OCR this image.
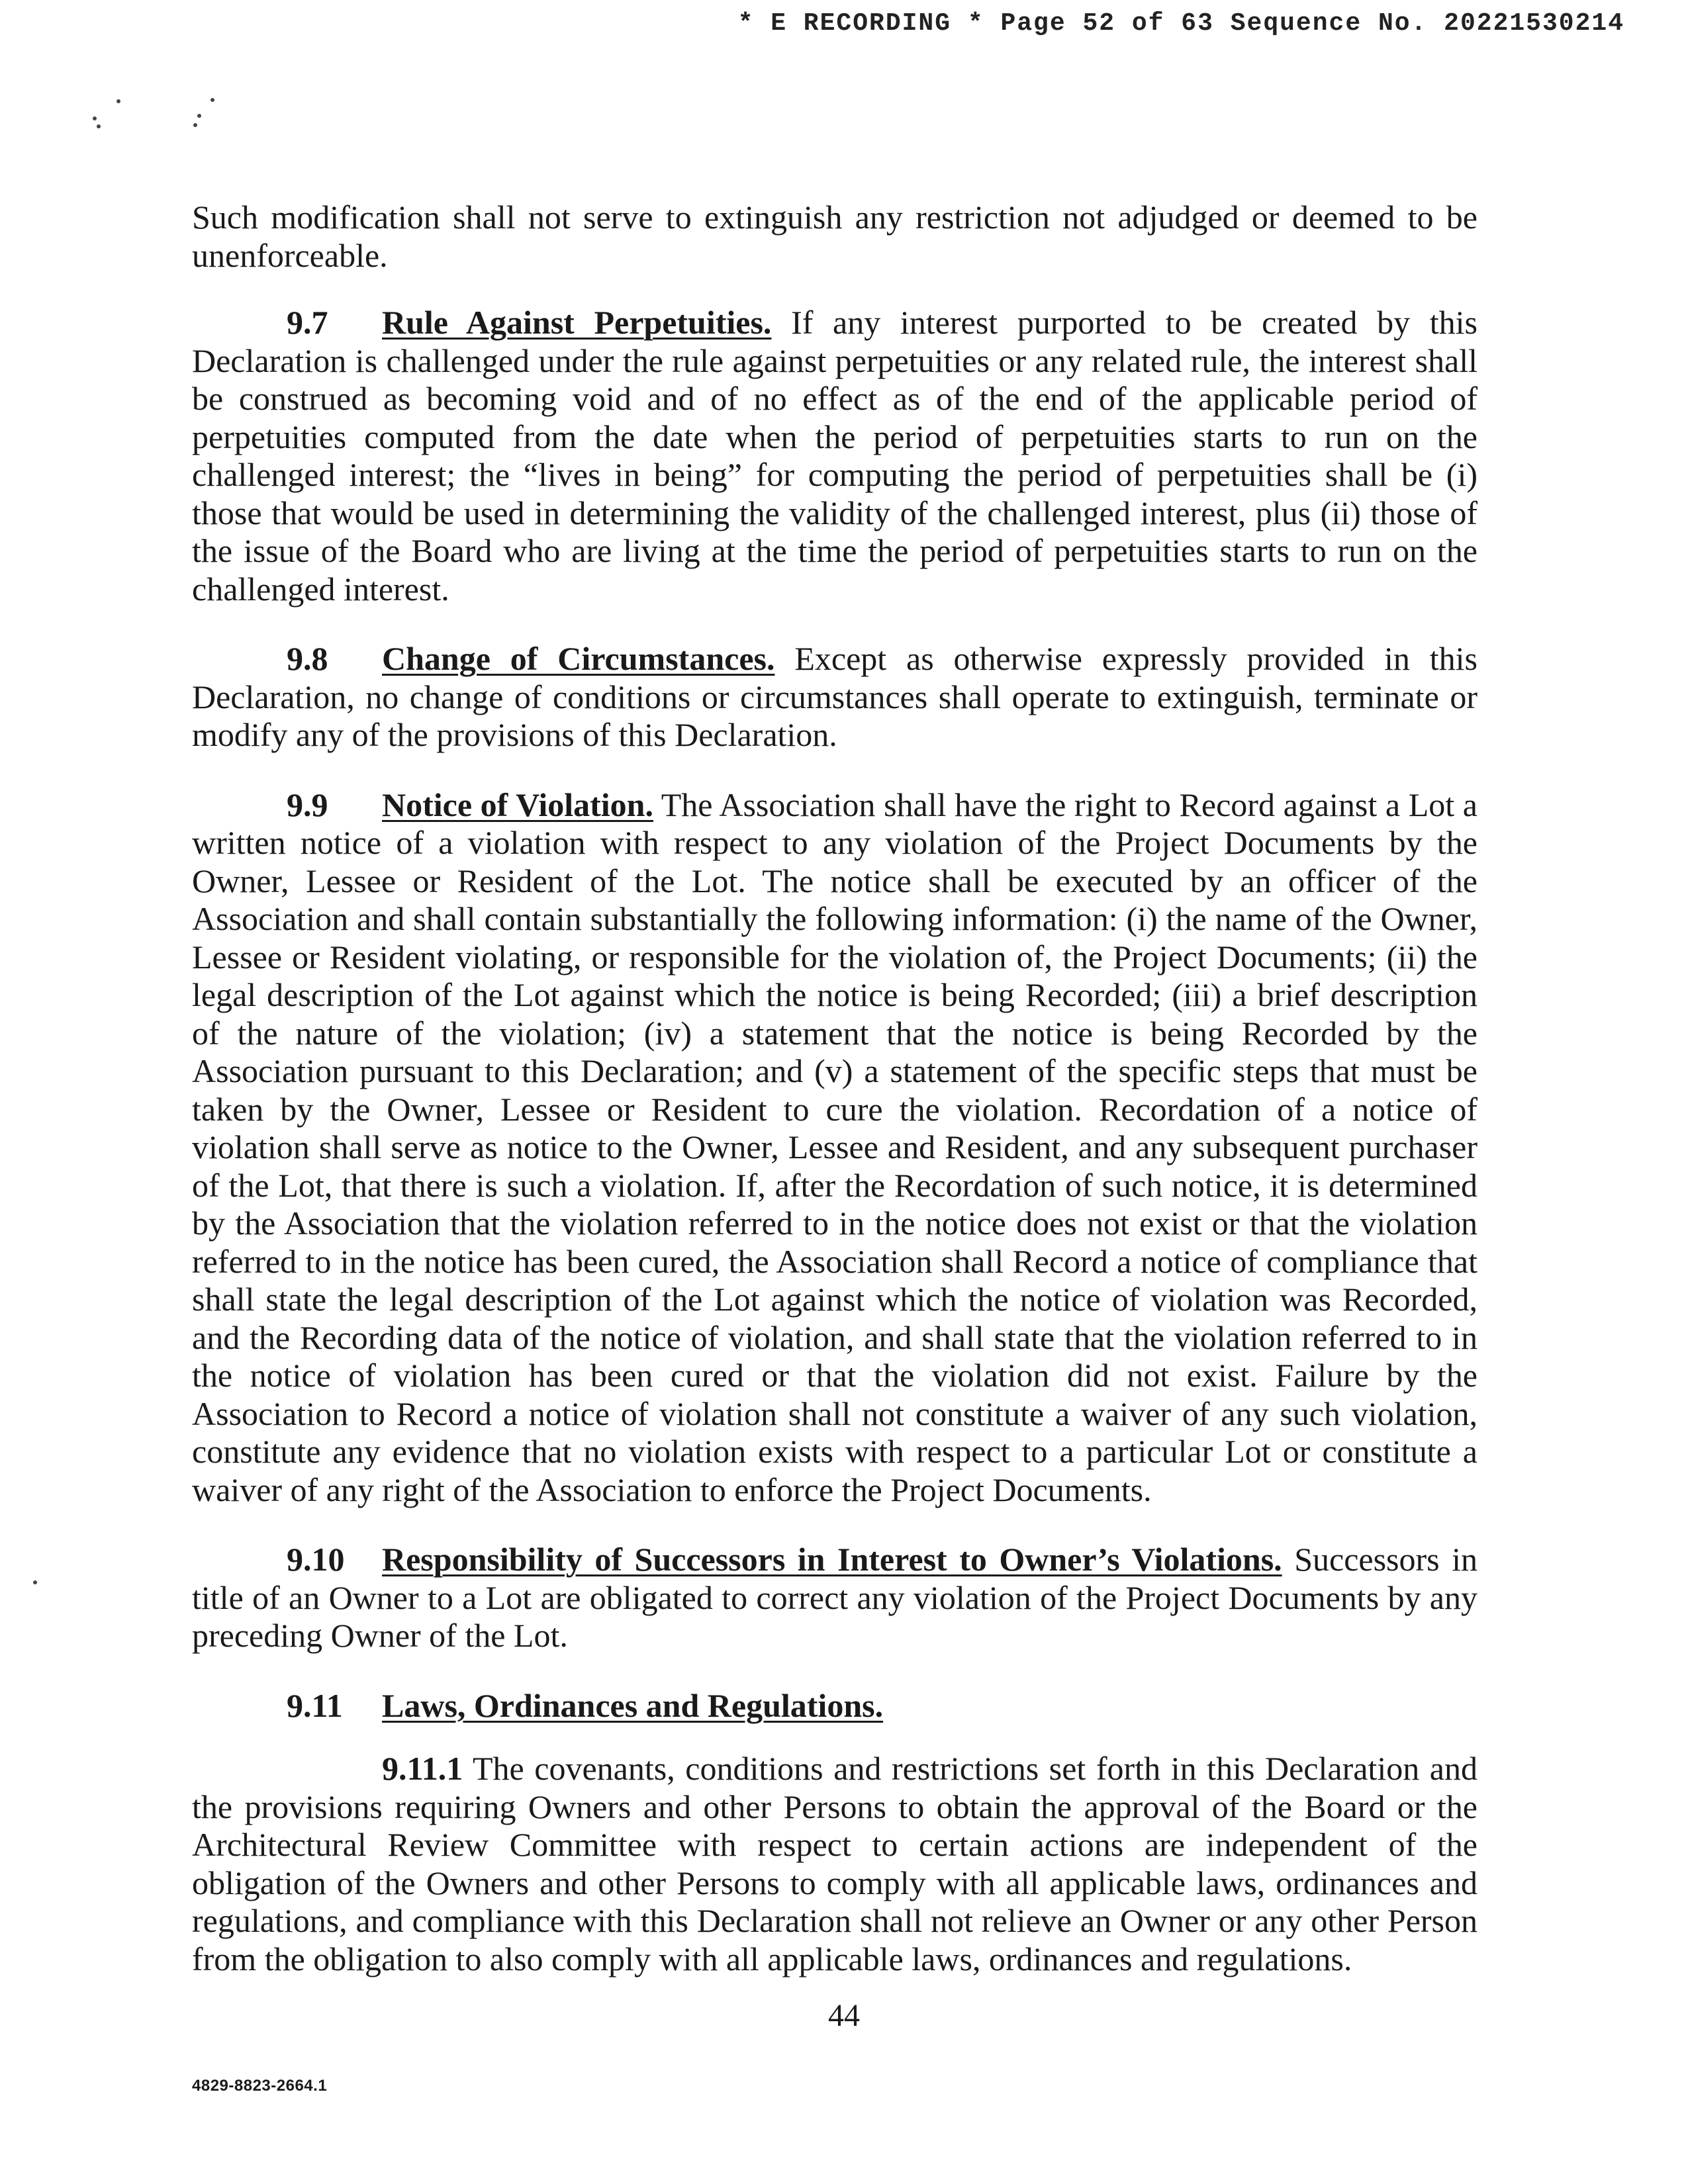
* E RECORDING * Page 52 of 63 Sequence No. 20221530214

Such modification shall not serve to extinguish any restriction not adjudged or deemed to be unenforceable.

9.7 Rule Against Perpetuities. If any interest purported to be created by this Declaration is challenged under the rule against perpetuities or any related rule, the interest shall be construed as becoming void and of no effect as of the end of the applicable period of perpetuities computed from the date when the period of perpetuities starts to run on the challenged interest; the “lives in being” for computing the period of perpetuities shall be (i) those that would be used in determining the validity of the challenged interest, plus (ii) those of the issue of the Board who are living at the time the period of perpetuities starts to run on the challenged interest.

9.8 Change of Circumstances. Except as otherwise expressly provided in this Declaration, no change of conditions or circumstances shall operate to extinguish, terminate or modify any of the provisions of this Declaration.

9.9 Notice of Violation. The Association shall have the right to Record against a Lot a written notice of a violation with respect to any violation of the Project Documents by the Owner, Lessee or Resident of the Lot. The notice shall be executed by an officer of the Association and shall contain substantially the following information: (i) the name of the Owner, Lessee or Resident violating, or responsible for the violation of, the Project Documents; (ii) the legal description of the Lot against which the notice is being Recorded; (iii) a brief description of the nature of the violation; (iv) a statement that the notice is being Recorded by the Association pursuant to this Declaration; and (v) a statement of the specific steps that must be taken by the Owner, Lessee or Resident to cure the violation. Recordation of a notice of violation shall serve as notice to the Owner, Lessee and Resident, and any subsequent purchaser of the Lot, that there is such a violation. If, after the Recordation of such notice, it is determined by the Association that the violation referred to in the notice does not exist or that the violation referred to in the notice has been cured, the Association shall Record a notice of compliance that shall state the legal description of the Lot against which the notice of violation was Recorded, and the Recording data of the notice of violation, and shall state that the violation referred to in the notice of violation has been cured or that the violation did not exist. Failure by the Association to Record a notice of violation shall not constitute a waiver of any such violation, constitute any evidence that no violation exists with respect to a particular Lot or constitute a waiver of any right of the Association to enforce the Project Documents.

9.10 Responsibility of Successors in Interest to Owner’s Violations. Successors in title of an Owner to a Lot are obligated to correct any violation of the Project Documents by any preceding Owner of the Lot.

9.11 Laws, Ordinances and Regulations.

9.11.1 The covenants, conditions and restrictions set forth in this Declaration and the provisions requiring Owners and other Persons to obtain the approval of the Board or the Architectural Review Committee with respect to certain actions are independent of the obligation of the Owners and other Persons to comply with all applicable laws, ordinances and regulations, and compliance with this Declaration shall not relieve an Owner or any other Person from the obligation to also comply with all applicable laws, ordinances and regulations.

44
4829-8823-2664.1
